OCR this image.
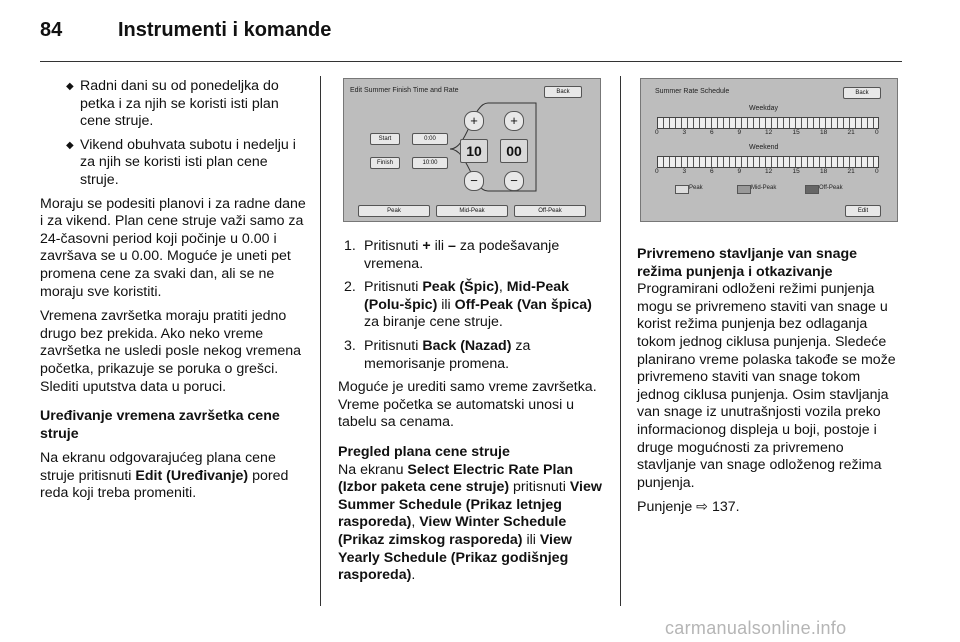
84	Instrumenti i komande
◆ Radni dani su od ponedeljka do petka i za njih se koristi isti plan cene struje.
◆ Vikend obuhvata subotu i nedelju i za njih se koristi isti plan cene struje.

Moraju se podesiti planovi i za radne dane i za vikend. Plan cene struje važi samo za 24-časovni period koji počinje u 0.00 i završava se u 0.00. Moguće je uneti pet promena cene za svaki dan, ali se ne moraju sve koristiti.

Vremena završetka moraju pratiti jedno drugo bez prekida. Ako neko vreme završetka ne usledi posle nekog vremena početka, prikazuje se poruka o grešci. Slediti uputstva data u poruci.

Uređivanje vremena završetka cene struje

Na ekranu odgovarajućeg plana cene struje pritisnuti Edit (Uređivanje) pored reda koji treba promeniti.

Edit Summer Finish Time and Rate	Back
Start	0:00
Finish	10:00
+
10
−
+
00
−
Peak	Mid-Peak	Off-Peak
1. Pritisnuti + ili – za podešavanje vremena.
2. Pritisnuti Peak (Špic), Mid-Peak (Polu-špic) ili Off-Peak (Van špica) za biranje cene struje.
3. Pritisnuti Back (Nazad) za memorisanje promena.

Moguće je urediti samo vreme završetka. Vreme početka se automatski unosi u tabelu sa cenama.

Pregled plana cene struje

Na ekranu Select Electric Rate Plan (Izbor paketa cene struje) pritisnuti View Summer Schedule (Prikaz letnjeg rasporeda), View Winter Schedule (Prikaz zimskog rasporeda) ili View Yearly Schedule (Prikaz godišnjeg rasporeda).

Summer Rate Schedule	Back
Weekday
0	3	6	9	12	15	18	21	0
Weekend
0	3	6	9	12	15	18	21	0
Peak	Mid-Peak	Off-Peak
Edit

Privremeno stavljanje van snage režima punjenja i otkazivanje

Programirani odloženi režimi punjenja mogu se privremeno staviti van snage u korist režima punjenja bez odlaganja tokom jednog ciklusa punjenja. Sledeće planirano vreme polaska takođe se može privremeno staviti van snage tokom jednog ciklusa punjenja. Osim stavljanja van snage iz unutrašnjosti vozila preko informacionog displeja u boji, postoje i druge mogućnosti za privremeno stavljanje van snage odloženog režima punjenja.

Punjenje ⇨ 137.

carmanualsonline.info
